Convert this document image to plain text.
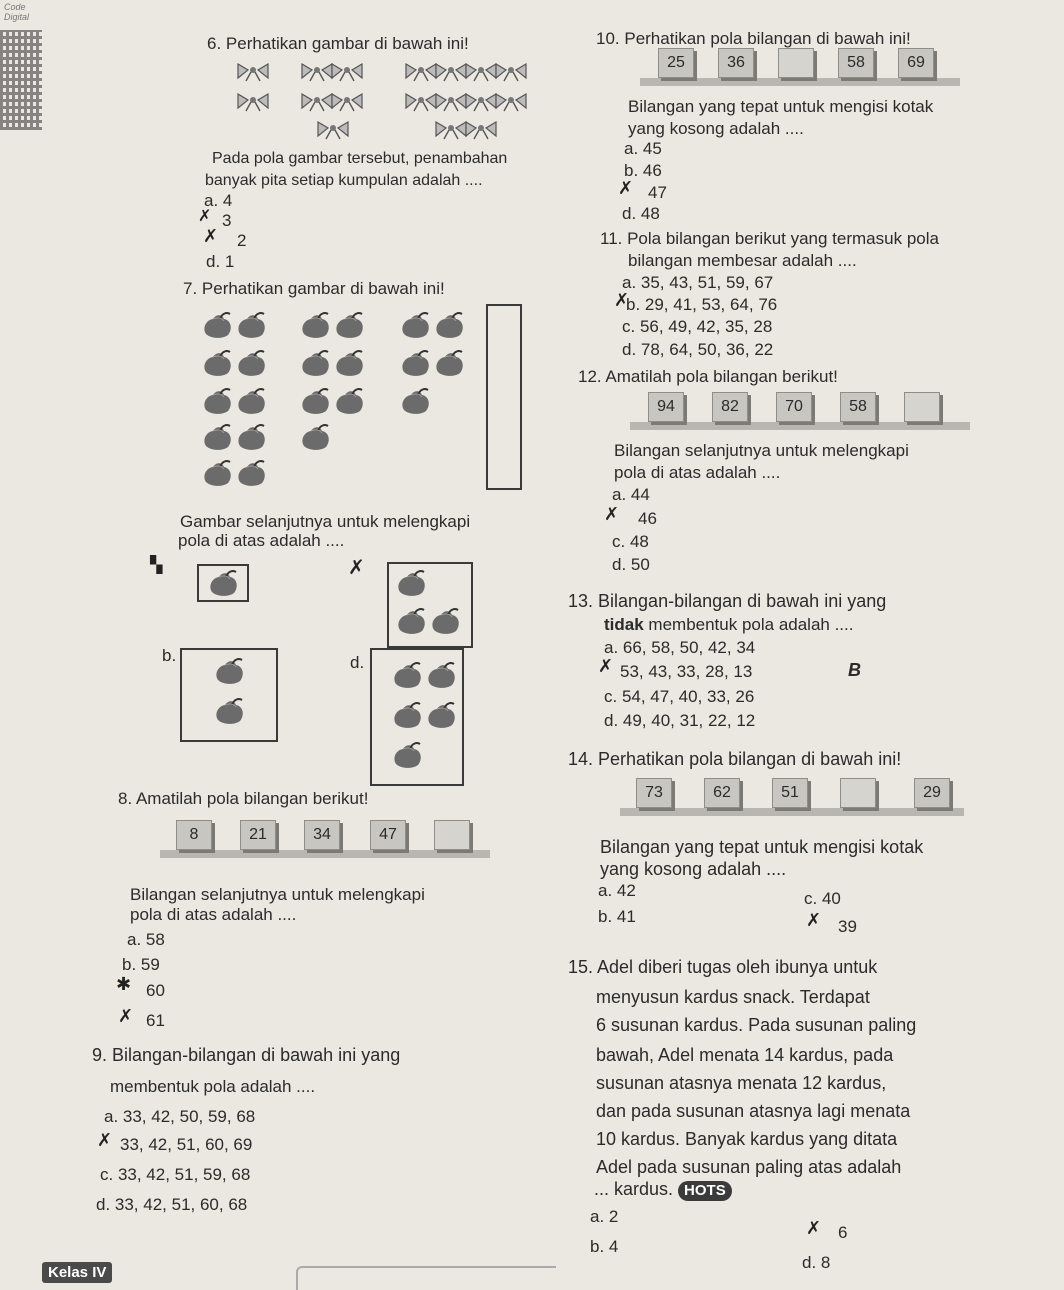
Code
Digital
6. Perhatikan gambar di bawah ini!
Pada pola gambar tersebut, penambahan
banyak pita setiap kumpulan adalah ....
a. 4
✗ 3
✗ 2
d. 1
7. Perhatikan gambar di bawah ini!
Gambar selanjutnya untuk melengkapi
pola di atas adalah ....
▚	✗
b.	d.
8. Amatilah pola bilangan berikut!
8	21	34	47
Bilangan selanjutnya untuk melengkapi
pola di atas adalah ....
a. 58
b. 59
✱ 60
✗ 61
9. Bilangan-bilangan di bawah ini yang
membentuk pola adalah ....
a. 33, 42, 50, 59, 68
✗ 33, 42, 51, 60, 69
c. 33, 42, 51, 59, 68
d. 33, 42, 51, 60, 68
10. Perhatikan pola bilangan di bawah ini!
25	36	58	69
Bilangan yang tepat untuk mengisi kotak
yang kosong adalah ....
a. 45
b. 46
✗ 47
d. 48
11. Pola bilangan berikut yang termasuk pola
bilangan membesar adalah ....
a. 35, 43, 51, 59, 67
✗
b. 29, 41, 53, 64, 76
c. 56, 49, 42, 35, 28
d. 78, 64, 50, 36, 22
12. Amatilah pola bilangan berikut!
94	82	70	58
Bilangan selanjutnya untuk melengkapi
pola di atas adalah ....
a. 44
✗ 46
c. 48
d. 50
13. Bilangan-bilangan di bawah ini yang
tidak membentuk pola adalah ....
a. 66, 58, 50, 42, 34
✗ 53, 43, 33, 28, 13	B
c. 54, 47, 40, 33, 26
d. 49, 40, 31, 22, 12
14. Perhatikan pola bilangan di bawah ini!
73	62	51	29
Bilangan yang tepat untuk mengisi kotak
yang kosong adalah ....
a. 42
b. 41
c. 40
✗ 39
15. Adel diberi tugas oleh ibunya untuk
menyusun kardus snack. Terdapat
6 susunan kardus. Pada susunan paling
bawah, Adel menata 14 kardus, pada
susunan atasnya menata 12 kardus,
dan pada susunan atasnya lagi menata
10 kardus. Banyak kardus yang ditata
Adel pada susunan paling atas adalah
... kardus. HOTS
a. 2
✗ 6
b. 4
d. 8
Kelas IV
